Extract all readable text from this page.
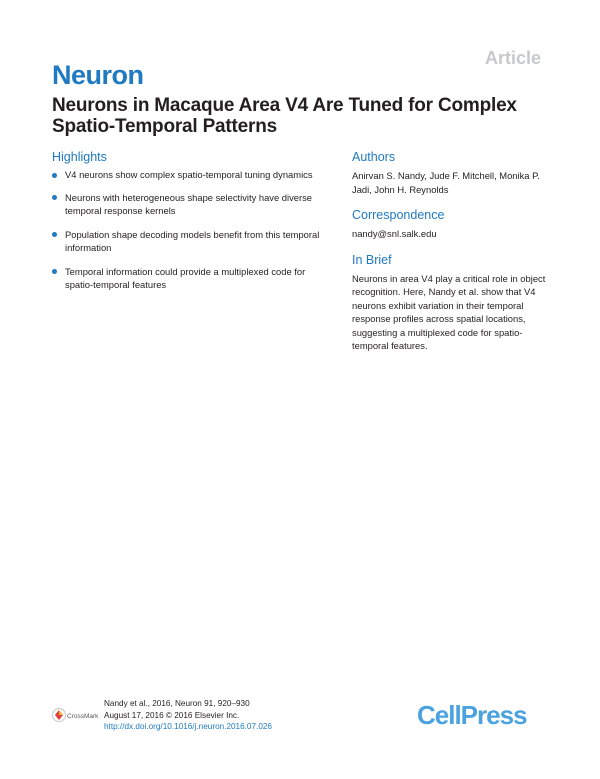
Article
Neuron
Neurons in Macaque Area V4 Are Tuned for Complex Spatio-Temporal Patterns
Highlights
V4 neurons show complex spatio-temporal tuning dynamics
Neurons with heterogeneous shape selectivity have diverse temporal response kernels
Population shape decoding models benefit from this temporal information
Temporal information could provide a multiplexed code for spatio-temporal features
Authors
Anirvan S. Nandy, Jude F. Mitchell, Monika P. Jadi, John H. Reynolds
Correspondence
nandy@snl.salk.edu
In Brief
Neurons in area V4 play a critical role in object recognition. Here, Nandy et al. show that V4 neurons exhibit variation in their temporal response profiles across spatial locations, suggesting a multiplexed code for spatio-temporal features.
CrossMark
Nandy et al., 2016, Neuron 91, 920–930
August 17, 2016 © 2016 Elsevier Inc.
http://dx.doi.org/10.1016/j.neuron.2016.07.026	CellPress
